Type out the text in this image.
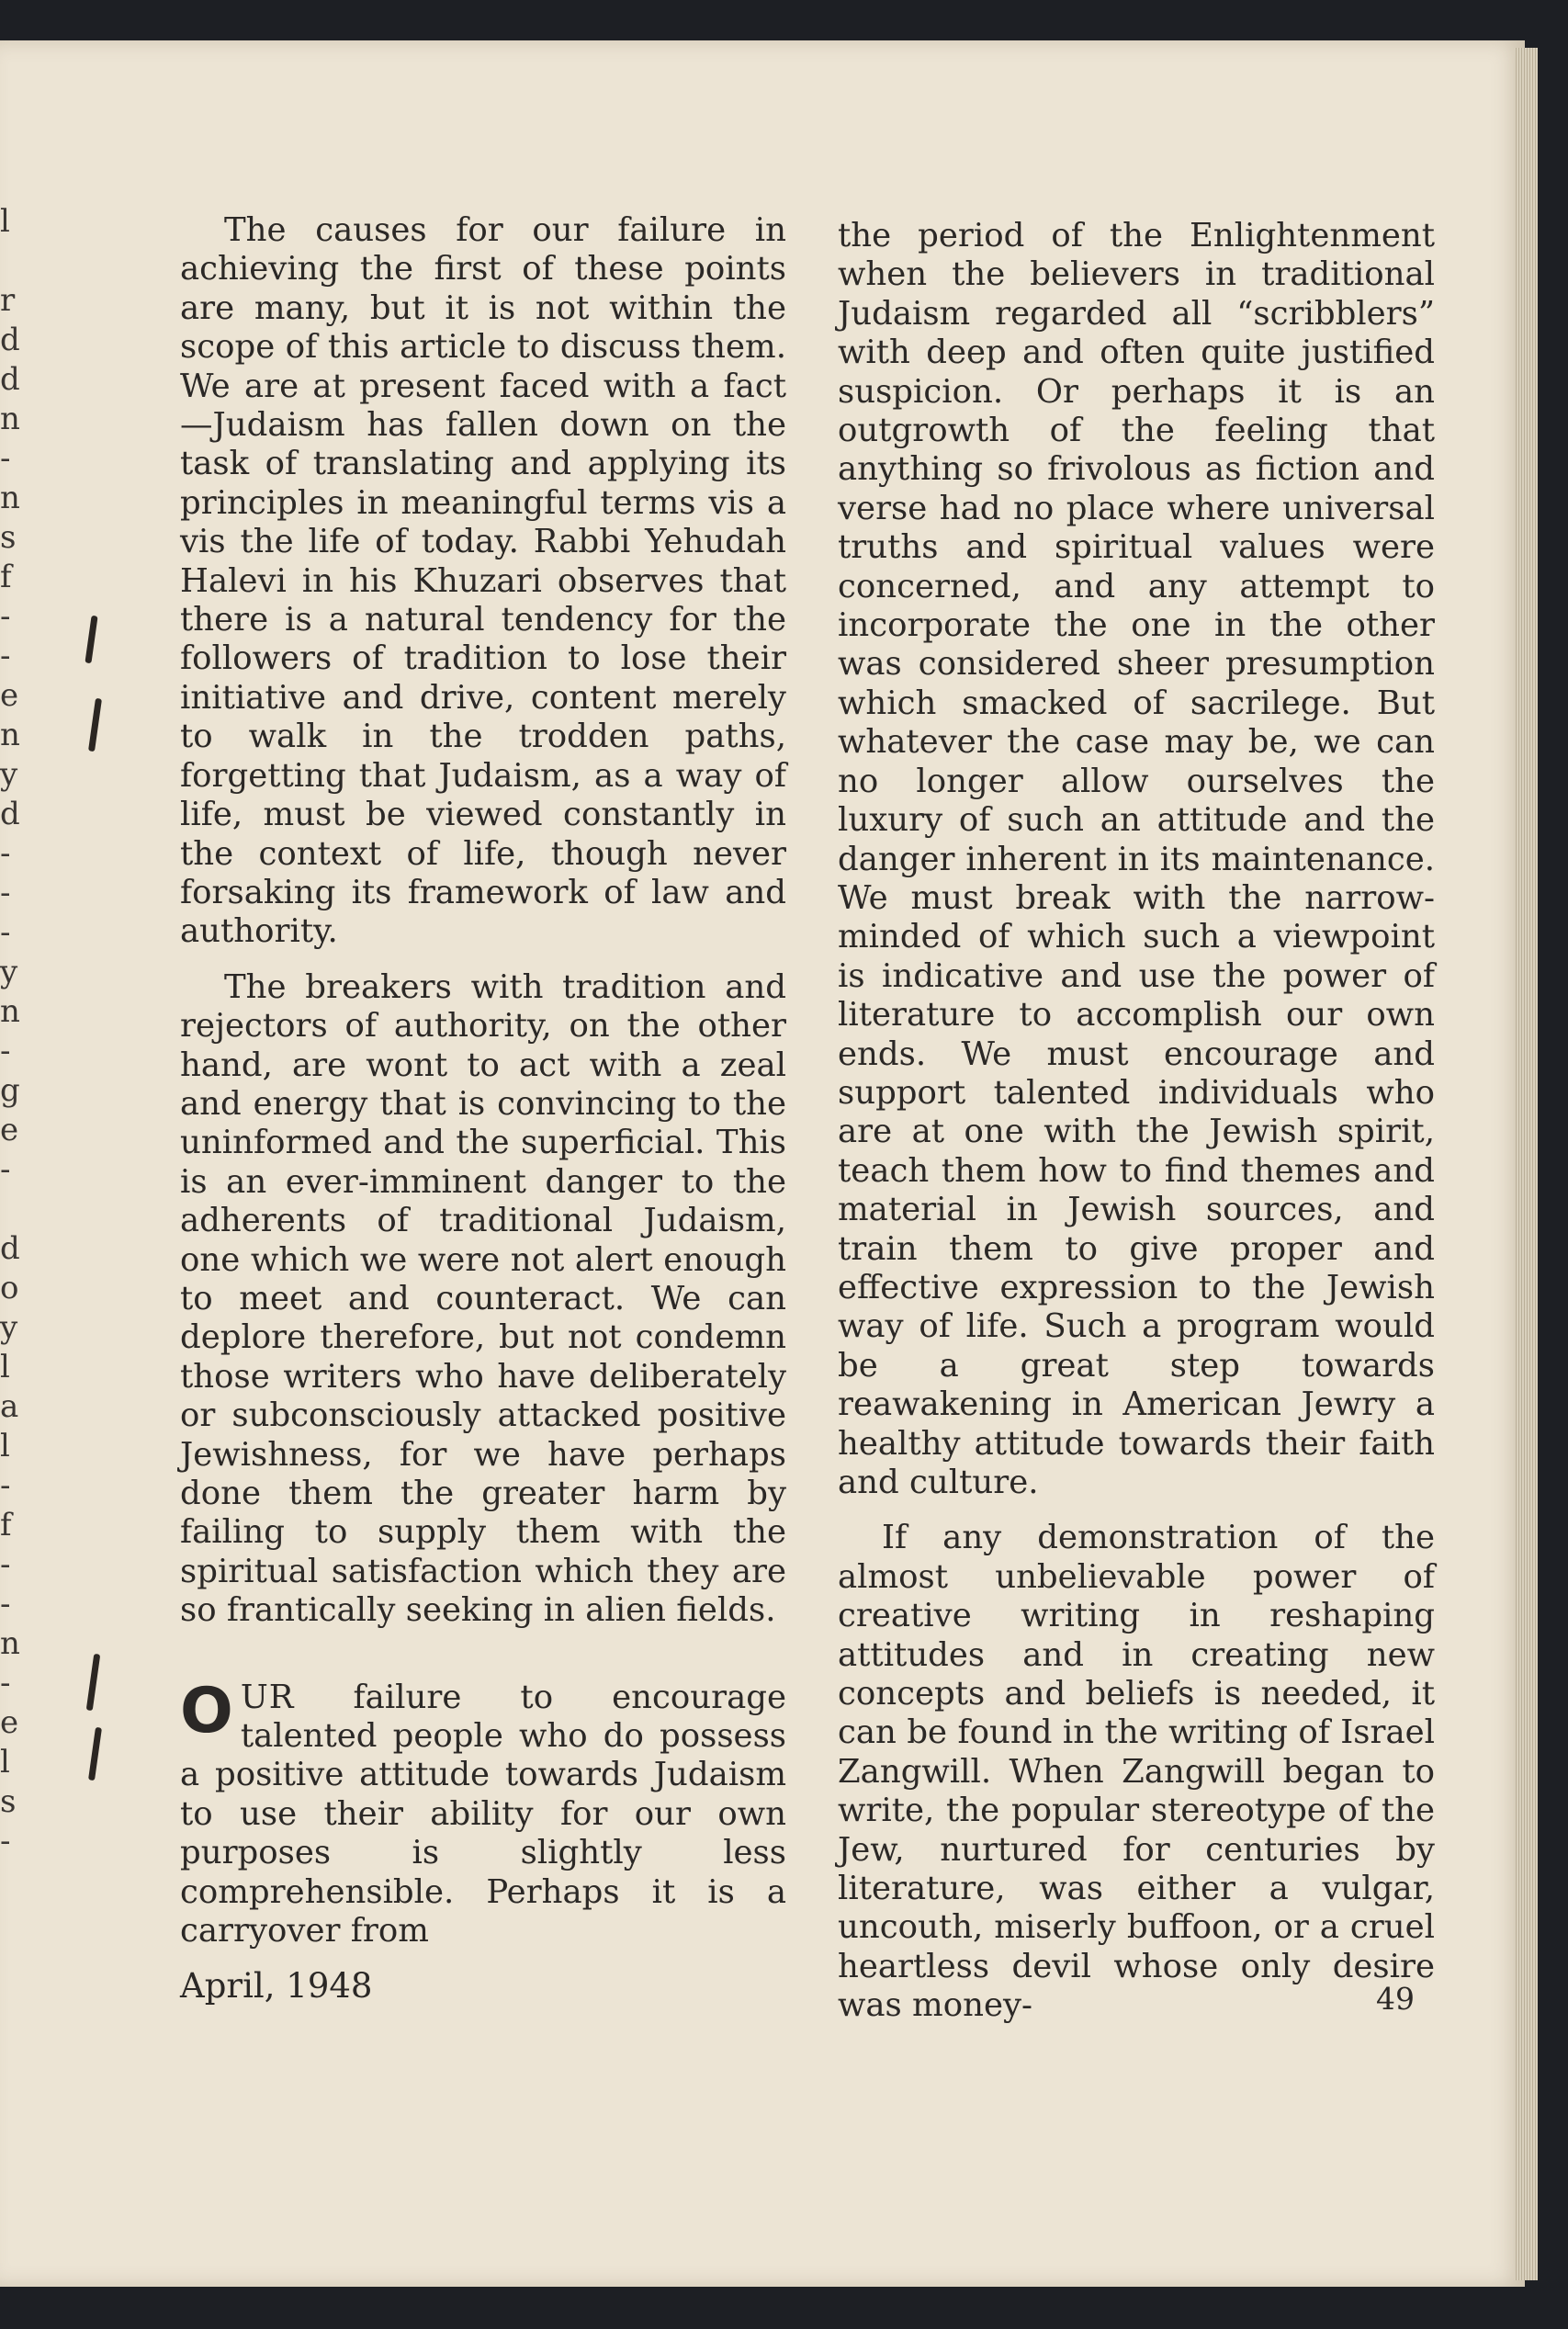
l

r
d
d
n
-
n
s
f
-
-
e
n
y
d
-
-
-
y
n
-
g
e
-

d
o
y
l
a
l
-
f
-
-
n
-
e
l
s
-

The causes for our failure in achieving the first of these points are many, but it is not within the scope of this article to discuss them. We are at present faced with a fact—Judaism has fallen down on the task of translating and applying its principles in meaningful terms vis a vis the life of today. Rabbi Yehudah Halevi in his Khuzari observes that there is a natural tendency for the followers of tradition to lose their initiative and drive, content merely to walk in the trodden paths, forgetting that Judaism, as a way of life, must be viewed constantly in the context of life, though never forsaking its framework of law and authority.

The breakers with tradition and rejectors of authority, on the other hand, are wont to act with a zeal and energy that is convincing to the uninformed and the superficial. This is an ever-imminent danger to the adherents of traditional Judaism, one which we were not alert enough to meet and counteract. We can deplore therefore, but not condemn those writers who have deliberately or subconsciously attacked positive Jewishness, for we have perhaps done them the greater harm by failing to supply them with the spiritual satisfaction which they are so frantically seeking in alien fields.

OUR failure to encourage talented people who do possess a positive attitude towards Judaism to use their ability for our own purposes is slightly less comprehensible. Perhaps it is a carryover from

the period of the Enlightenment when the believers in traditional Judaism regarded all “scribblers” with deep and often quite justified suspicion. Or perhaps it is an outgrowth of the feeling that anything so frivolous as fiction and verse had no place where universal truths and spiritual values were concerned, and any attempt to incorporate the one in the other was considered sheer presumption which smacked of sacrilege. But whatever the case may be, we can no longer allow ourselves the luxury of such an attitude and the danger inherent in its maintenance. We must break with the narrow-minded of which such a viewpoint is indicative and use the power of literature to accomplish our own ends. We must encourage and support talented individuals who are at one with the Jewish spirit, teach them how to find themes and material in Jewish sources, and train them to give proper and effective expression to the Jewish way of life. Such a program would be a great step towards reawakening in American Jewry a healthy attitude towards their faith and culture.

If any demonstration of the almost unbelievable power of creative writing in reshaping attitudes and in creating new concepts and beliefs is needed, it can be found in the writing of Israel Zangwill. When Zangwill began to write, the popular stereotype of the Jew, nurtured for centuries by literature, was either a vulgar, uncouth, miserly buffoon, or a cruel heartless devil whose only desire was money-

April, 1948	49
